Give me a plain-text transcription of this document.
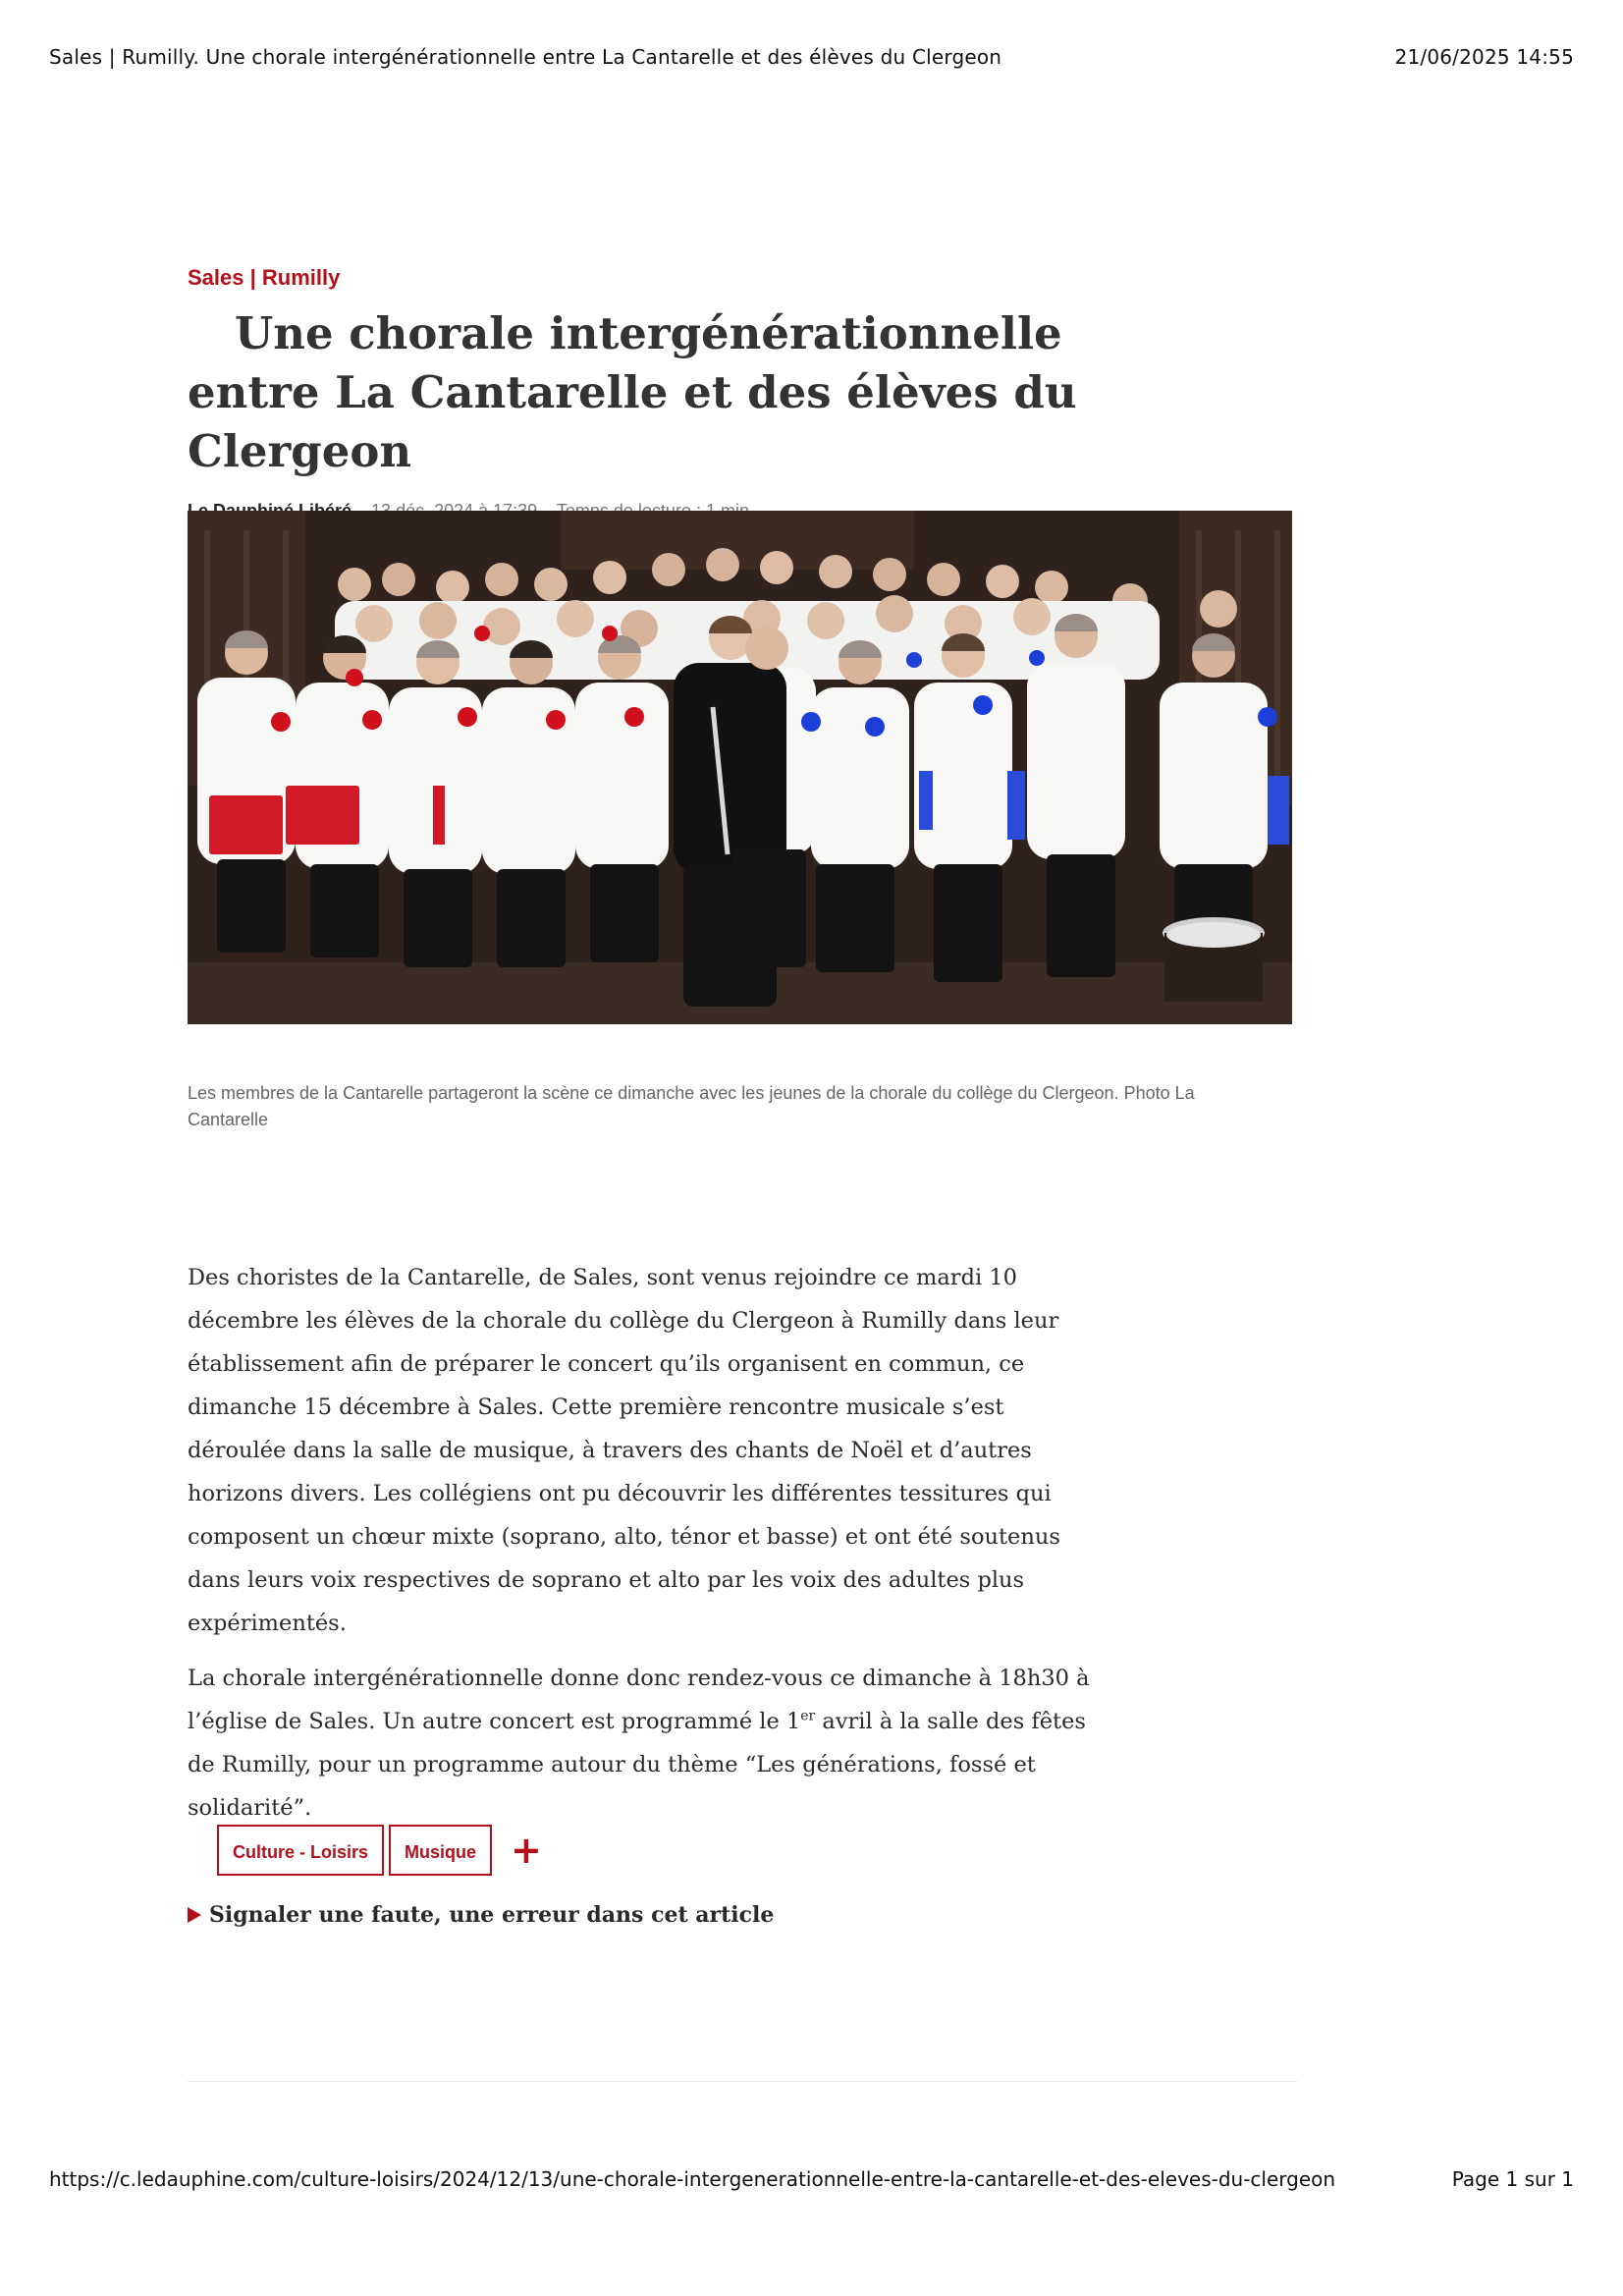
Sales | Rumilly. Une chorale intergénérationnelle entre La Cantarelle et des élèves du Clergeon	21/06/2025 14:55
Sales | Rumilly
Une chorale intergénérationnelle entre La Cantarelle et des élèves du Clergeon
Les membres de la Cantarelle partageront la scène ce dimanche avec les jeunes de la chorale du collège du Clergeon. Photo La Cantarelle

Des choristes de la Cantarelle, de Sales, sont venus rejoindre ce mardi 10 décembre les élèves de la chorale du collège du Clergeon à Rumilly dans leur établissement afin de préparer le concert qu’ils organisent en commun, ce dimanche 15 décembre à Sales. Cette première rencontre musicale s’est déroulée dans la salle de musique, à travers des chants de Noël et d’autres horizons divers. Les collégiens ont pu découvrir les différentes tessitures qui composent un chœur mixte (soprano, alto, ténor et basse) et ont été soutenus dans leurs voix respectives de soprano et alto par les voix des adultes plus expérimentés.

La chorale intergénérationnelle donne donc rendez-vous ce dimanche à 18h30 à l’église de Sales. Un autre concert est programmé le 1er avril à la salle des fêtes de Rumilly, pour un programme autour du thème “Les générations, fossé et solidarité”.

Culture - Loisirs	Musique +
Signaler une faute, une erreur dans cet article
https://c.ledauphine.com/culture-loisirs/2024/12/13/une-chorale-intergenerationnelle-entre-la-cantarelle-et-des-eleves-du-clergeon	Page 1 sur 1
